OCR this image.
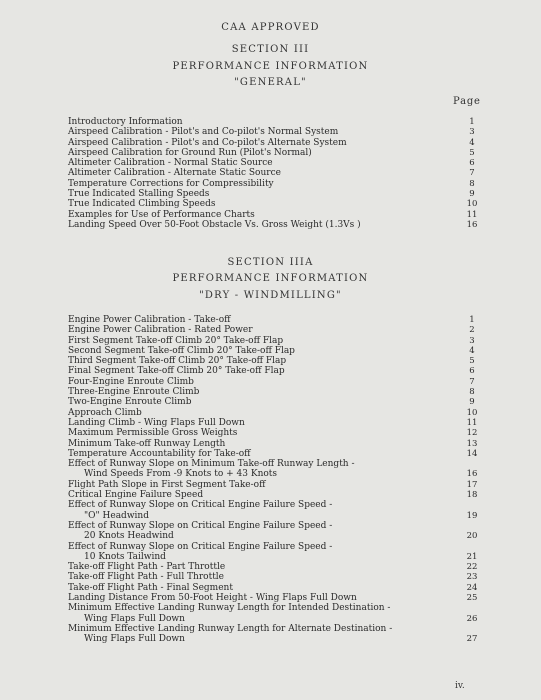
CAA APPROVED
SECTION III
PERFORMANCE INFORMATION
"GENERAL"
Page
Introductory Information	1
Airspeed Calibration - Pilot's and Co-pilot's Normal System	3
Airspeed Calibration - Pilot's and Co-pilot's Alternate System	4
Airspeed Calibration for Ground Run (Pilot's Normal)	5
Altimeter Calibration - Normal Static Source	6
Altimeter Calibration - Alternate Static Source	7
Temperature Corrections for Compressibility	8
True Indicated Stalling Speeds	9
True Indicated Climbing Speeds	10
Examples for Use of Performance Charts	11
Landing Speed Over 50-Foot Obstacle Vs. Gross Weight (1.3Vs )	16
SECTION IIIA
PERFORMANCE INFORMATION
"DRY - WINDMILLING"
Engine Power Calibration - Take-off	1
Engine Power Calibration - Rated Power	2
First Segment Take-off Climb 20° Take-off Flap	3
Second Segment Take-off Climb 20° Take-off Flap	4
Third Segment Take-off Climb 20° Take-off Flap	5
Final Segment Take-off Climb 20° Take-off Flap	6
Four-Engine Enroute Climb	7
Three-Engine Enroute Climb	8
Two-Engine Enroute Climb	9
Approach Climb	10
Landing Climb - Wing Flaps Full Down	11
Maximum Permissible Gross Weights	12
Minimum Take-off Runway Length	13
Temperature Accountability for Take-off	14
Effect of Runway Slope on Minimum Take-off Runway Length -
Wind Speeds From -9 Knots to + 43 Knots	16
Flight Path Slope in First Segment Take-off	17
Critical Engine Failure Speed	18
Effect of Runway Slope on Critical Engine Failure Speed -
"O" Headwind	19
Effect of Runway Slope on Critical Engine Failure Speed -
20 Knots Headwind	20
Effect of Runway Slope on Critical Engine Failure Speed -
10 Knots Tailwind	21
Take-off Flight Path - Part Throttle	22
Take-off Flight Path - Full Throttle	23
Take-off Flight Path - Final Segment	24
Landing Distance From 50-Foot Height - Wing Flaps Full Down	25
Minimum Effective Landing Runway Length for Intended Destination -
Wing Flaps Full Down	26
Minimum Effective Landing Runway Length for Alternate Destination -
Wing Flaps Full Down	27
iv.
